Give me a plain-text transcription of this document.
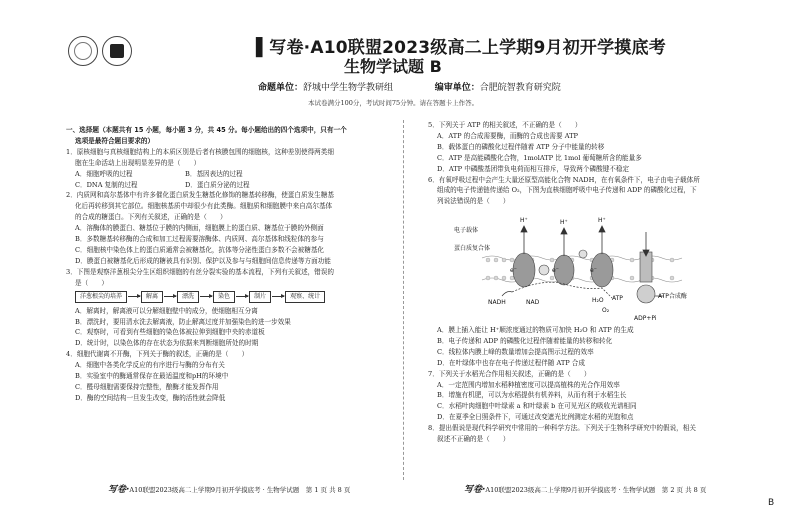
▌写卷·A10联盟2023级高二上学期9月初开学摸底考
生物学试题 B
命题单位：舒城中学生物学教研组	编审单位：合肥皖智教育研究院
本试卷满分100分，考试时间75分钟。请在答题卡上作答。
一、选择题（本题共有 15 小题，每小题 3 分，共 45 分。每小题给出的四个选项中，只有一个
选项是最符合题目要求的）
1．原核细胞与真核细胞结构上的本质区别是后者有核膜包围的细胞核，这种差别使得两类细
胞在生命活动上出现明显差异的是（　　）
A．细胞呼吸的过程	B．基因表达的过程
C．DNA 复制的过程	D．蛋白质分泌的过程
2．内质网和高尔基体中有许多催化蛋白质发生糖基化修饰的糖基转移酶，使蛋白质发生糖基
化后再转移到其它部位。细胞核基质中却很少有此类酶。细胞质和细胞膜中来自高尔基体
的合成的糖蛋白。下列有关叙述，正确的是（　　）
A．溶酶体的膜蛋白、糖基位于膜的内侧面，细胞膜上的蛋白质、糖基位于膜的外侧面
B．多数糖基转移酶的合成和加工过程需要溶酶体、内质网、高尔基体和线粒体的参与
C．细胞核中染色体上的蛋白质通常会被糖基化，抗体等分泌性蛋白多数不会被糖基化
D．膜蛋白被糖基化后形成的糖被具有识别、保护以及参与与细胞间信息传递等方面功能
3．下图是观察洋葱根尖分生区组织细胞的有丝分裂实验的基本流程，下列有关叙述，错误的
是（　　）
洋葱根尖的培养	解离	漂洗	染色	制片	观察、统计
A．解离时，解离液可以分解细胞壁中的成分，使细胞相互分离
B．漂洗时，要用清水洗去解离液，防止解离过度并加强染色的进一步效果
C．观察时，可看到有些细胞的染色体被拉伸到细胞中央的赤道板
D．统计时，以染色体的存在状态为依据来判断细胞所处的时期
4．细胞代谢离不开酶，下列关于酶的叙述，正确的是（　　）
A．细胞中各类化学反应的有序进行与酶的分布有关
B．实验室中的酶通常保存在最适温度和pH的环境中
C．醛母细胞需要保持完整性，酿酶才能发挥作用
D．酶的空间结构一旦发生改变，酶的活性就会降低
5．下列关于 ATP 的相关叙述，不正确的是（　　）
A．ATP 的合成需要酶，而酶的合成也需要 ATP
B．载体蛋白的磷酸化过程伴随着 ATP 分子中能量的转移
C．ATP 是高能磷酸化合物，1molATP 比 1mol 葡萄糖所含的能量多
D．ATP 中磷酸基团带负电荷而相互排斥，导致两个磷酸键不稳定
6．有氧呼吸过程中会产生大量还原型高能化合物 NADH，在有氧条件下，电子由电子载体所
组成的电子传递链传递给 O₂，下图为直核细胞呼吸中电子传递和 ADP 的磷酸化过程，下
列说法错误的是（　　）
电子载体
蛋白质复合体
H⁺	H⁺	H⁺
e⁻	e⁻	e⁻
NADH	NAD	H₂O
O₂
ADP+Pi
ATP	ATP合成酶
A．膜上插入能让 H⁺顺浓度通过的物质可加快 H₂O 和 ATP 的生成
B．电子传递和 ADP 的磷酸化过程伴随着能量的转移和转化
C．线粒体内膜上峰的数量增加会提高图示过程的效率
D．在叶绿体中也存在电子传递过程伴随 ATP 合成
7．下列关于水稻光合作用相关叙述，正确的是（　　）
A．一定范围内增加水稻种植密度可以提高植株的光合作用效率
B．增施有机肥，可以为水稻提供有机养料，从而有利于水稻生长
C．水稻叶肉细胞中叶绿素 a 和叶绿素 b 在可见光区的吸收光谱相同
D．在夏季全日照条件下，可通过改变遮光比例测定水稻的光饱和点
8．提出假说是现代科学研究中常用的一种科学方法。下列关于生物科学研究中的假说，相关
叙述不正确的是（　　）
写卷·A10联盟2023级高二上学期9月初开学摸底考 · 生物学试题　第 1 页 共 8 页	写卷·A10联盟2023级高二上学期9月初开学摸底考 · 生物学试题　第 2 页 共 8 页
B
